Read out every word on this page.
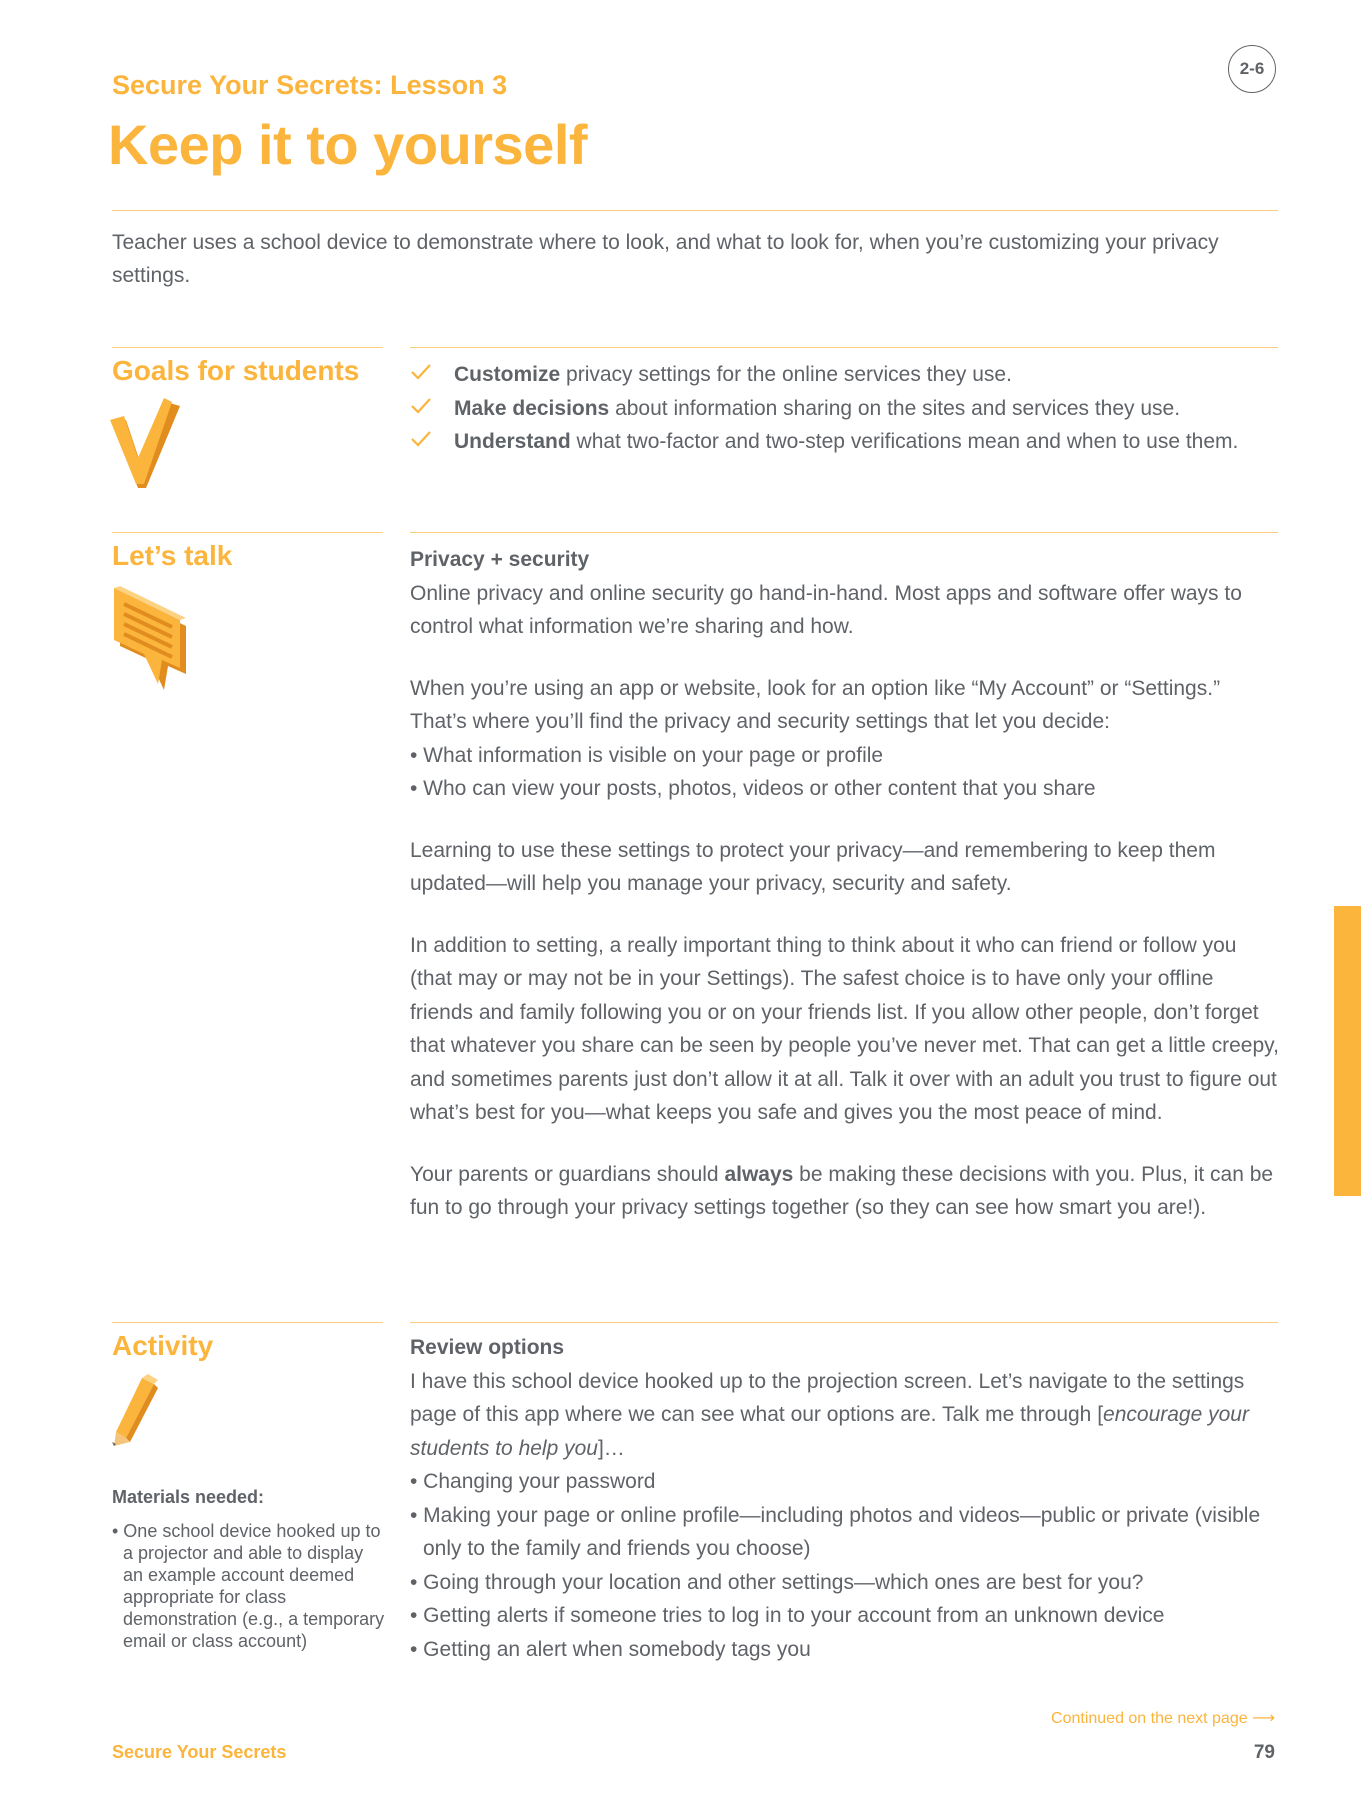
2-6
Secure Your Secrets: Lesson 3
Keep it to yourself
Teacher uses a school device to demonstrate where to look, and what to look for, when you’re customizing your privacy settings.
Goals for students	Customize privacy settings for the online services they use.
Make decisions about information sharing on the sites and services they use.
Understand what two-factor and two-step verifications mean and when to use them.
Let’s talk	Privacy + security

Online privacy and online security go hand-in-hand. Most apps and software offer ways to control what information we’re sharing and how.

When you’re using an app or website, look for an option like “My Account” or “Settings.” That’s where you’ll find the privacy and security settings that let you decide:

• What information is visible on your page or profile

• Who can view your posts, photos, videos or other content that you share

Learning to use these settings to protect your privacy—and remembering to keep them updated—will help you manage your privacy, security and safety.

In addition to setting, a really important thing to think about it who can friend or follow you (that may or may not be in your Settings). The safest choice is to have only your offline friends and family following you or on your friends list. If you allow other people, don’t forget that whatever you share can be seen by people you’ve never met. That can get a little creepy, and sometimes parents just don’t allow it at all. Talk it over with an adult you trust to figure out what’s best for you—what keeps you safe and gives you the most peace of mind.

Your parents or guardians should always be making these decisions with you. Plus, it can be fun to go through your privacy settings together (so they can see how smart you are!).

Activity
Materials needed:
• One school device hooked up to a projector and able to display an example account deemed appropriate for class demonstration (e.g., a temporary email or class account)

Review options

I have this school device hooked up to the projection screen. Let’s navigate to the settings page of this app where we can see what our options are. Talk me through [encourage your students to help you]…

• Changing your password

• Making your page or online profile—including photos and videos—public or private (visible only to the family and friends you choose)

• Going through your location and other settings—which ones are best for you?

• Getting alerts if someone tries to log in to your account from an unknown device

• Getting an alert when somebody tags you

Continued on the next page ⟶
Secure Your Secrets	79
